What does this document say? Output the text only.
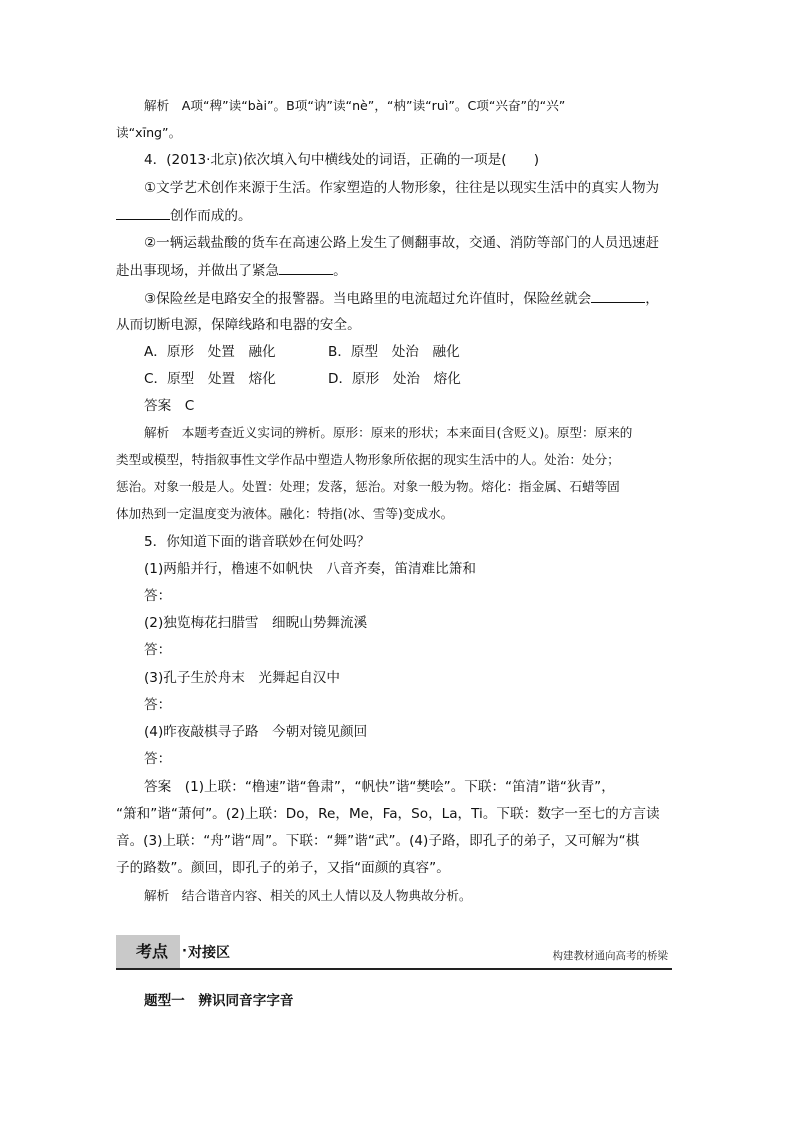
解析　A项“稗”读“bài”。B项“讷”读“nè”，“枘”读“ruì”。C项“兴奋”的“兴”
读“xīng”。
4．(2013·北京)依次填入句中横线处的词语，正确的一项是(　　)
①文学艺术创作来源于生活。作家塑造的人物形象，往往是以现实生活中的真实人物为
创作而成的。
②一辆运载盐酸的货车在高速公路上发生了侧翻事故，交通、消防等部门的人员迅速赶
赴出事现场，并做出了紧急	。
③保险丝是电路安全的报警器。当电路里的电流超过允许值时，保险丝就会	，
从而切断电源，保障线路和电器的安全。
A．原形　处置　融化	B．原型　处治　融化
C．原型　处置　熔化	D．原形　处治　熔化
答案　C
解析　本题考查近义实词的辨析。原形：原来的形状；本来面目(含贬义)。原型：原来的
类型或模型，特指叙事性文学作品中塑造人物形象所依据的现实生活中的人。处治：处分；
惩治。对象一般是人。处置：处理；发落，惩治。对象一般为物。熔化：指金属、石蜡等固
体加热到一定温度变为液体。融化：特指(冰、雪等)变成水。
5．你知道下面的谐音联妙在何处吗？
(1)两船并行，橹速不如帆快　八音齐奏，笛清难比箫和
答：
(2)独览梅花扫腊雪　细睨山势舞流溪
答：
(3)孔子生於舟末　光舞起自汉中
答：
(4)昨夜敲棋寻子路　今朝对镜见颜回
答：
答案　(1)上联：“橹速”谐“鲁肃”，“帆快”谐“樊哙”。下联：“笛清”谐“狄青”，
“箫和”谐“萧何”。(2)上联：Do，Re，Me，Fa，So，La，Ti。下联：数字一至七的方言读
音。(3)上联：“舟”谐“周”。下联：“舞”谐“武”。(4)子路，即孔子的弟子，又可解为“棋
子的路数”。颜回，即孔子的弟子，又指“面颜的真容”。
解析　结合谐音内容、相关的风土人情以及人物典故分析。
考点 · 对接区	构建教材通向高考的桥梁
题型一　辨识同音字字音
